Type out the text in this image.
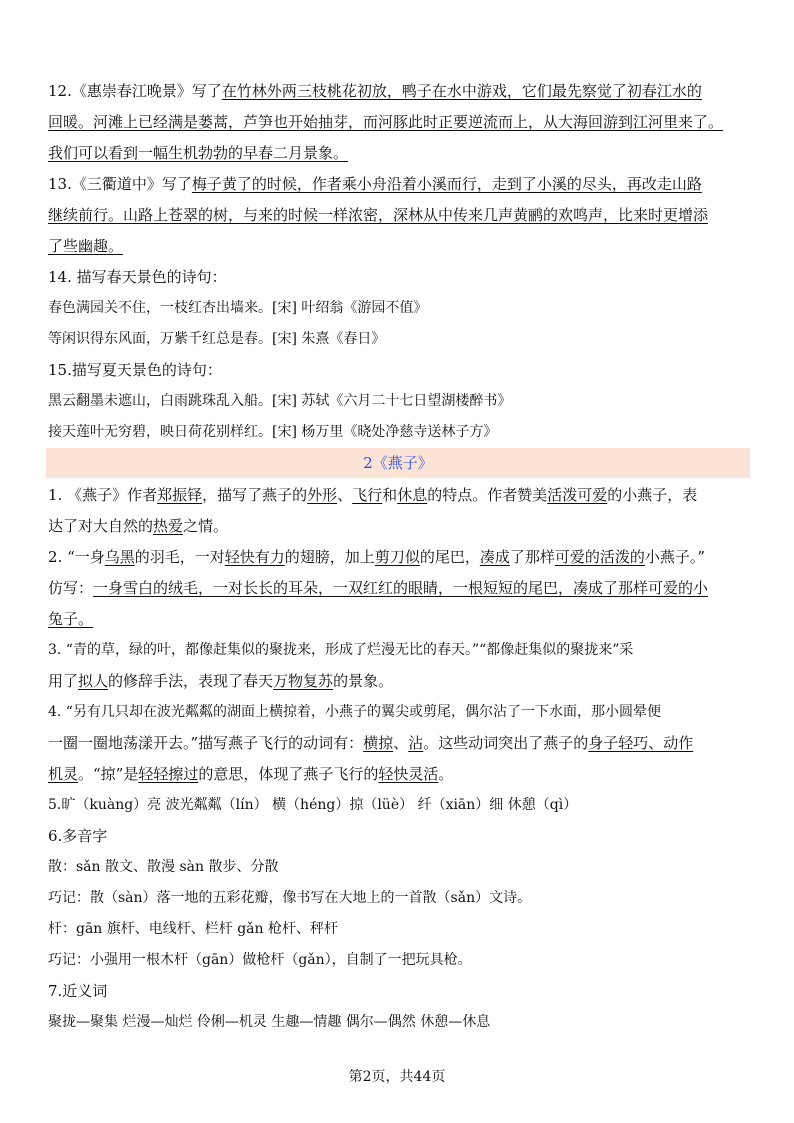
12.《惠崇春江晚景》写了在竹林外两三枝桃花初放，鸭子在水中游戏，它们最先察觉了初春江水的
回暖。河滩上已经满是蒌蒿，芦笋也开始抽芽，而河豚此时正要逆流而上，从大海回游到江河里来了。
我们可以看到一幅生机勃勃的早春二月景象。
13.《三衢道中》写了梅子黄了的时候，作者乘小舟沿着小溪而行，走到了小溪的尽头，再改走山路
继续前行。山路上苍翠的树，与来的时候一样浓密，深林从中传来几声黄鹂的欢鸣声，比来时更增添
了些幽趣。
14. 描写春天景色的诗句：
春色满园关不住，一枝红杏出墙来。[宋] 叶绍翁《游园不值》
等闲识得东风面，万紫千红总是春。[宋] 朱熹《春日》
15.描写夏天景色的诗句：
黑云翻墨未遮山，白雨跳珠乱入船。[宋] 苏轼《六月二十七日望湖楼醉书》
接天莲叶无穷碧，映日荷花别样红。[宋] 杨万里《晓处净慈寺送林子方》
2《燕子》
1. 《燕子》作者郑振铎，描写了燕子的外形、飞行和休息的特点。作者赞美活泼可爱的小燕子，表
达了对大自然的热爱之情。
2. “一身乌黑的羽毛，一对轻快有力的翅膀，加上剪刀似的尾巴，凑成了那样可爱的活泼的小燕子。”
仿写：一身雪白的绒毛，一对长长的耳朵，一双红红的眼睛，一根短短的尾巴，凑成了那样可爱的小
兔子。
3. “青的草，绿的叶，都像赶集似的聚拢来，形成了烂漫无比的春天。”“都像赶集似的聚拢来”采
用了拟人的修辞手法，表现了春天万物复苏的景象。
4. “另有几只却在波光粼粼的湖面上横掠着，小燕子的翼尖或剪尾，偶尔沾了一下水面，那小圆晕便
一圈一圈地荡漾开去。”描写燕子飞行的动词有：横掠、沾。这些动词突出了燕子的身子轻巧、动作
机灵。“掠”是轻轻擦过的意思，体现了燕子飞行的轻快灵活。
5.旷（kuàng）亮 波光粼粼（lín） 横（héng）掠（lüè） 纤（xiān）细 休憩（qì）
6.多音字
散：sǎn 散文、散漫 sàn 散步、分散
巧记：散（sàn）落一地的五彩花瓣，像书写在大地上的一首散（sǎn）文诗。
杆：gān 旗杆、电线杆、栏杆 gǎn 枪杆、秤杆
巧记：小强用一根木杆（gān）做枪杆（gǎn），自制了一把玩具枪。
7.近义词
聚拢—聚集 烂漫—灿烂 伶俐—机灵 生趣—情趣 偶尔—偶然 休憩—休息
第2页，共44页
